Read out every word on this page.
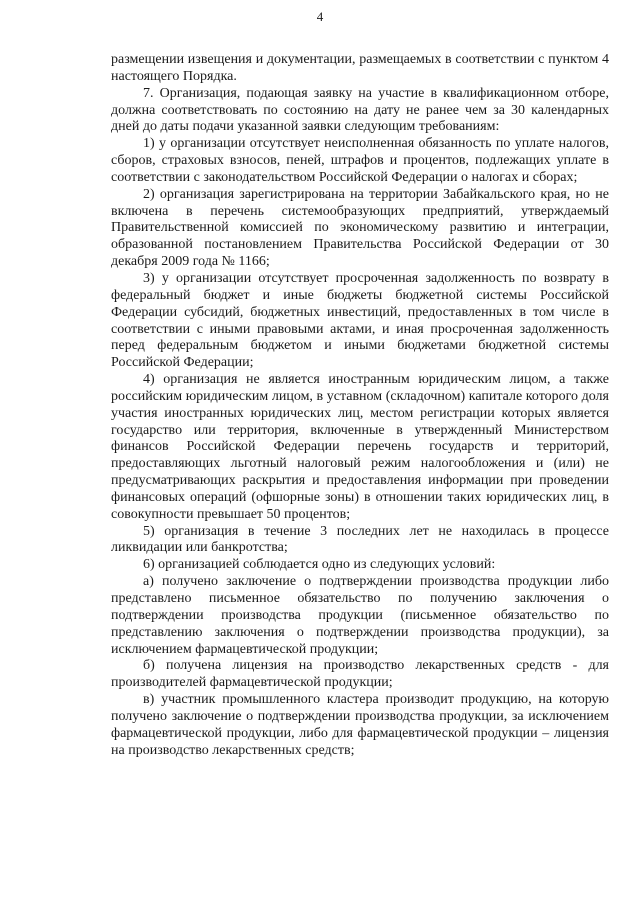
4

размещении извещения и документации, размещаемых в соответствии с пунктом 4 настоящего Порядка.

7. Организация, подающая заявку на участие в квалификационном отборе, должна соответствовать по состоянию на дату не ранее чем за 30 календарных дней до даты подачи указанной заявки следующим требованиям:

1) у организации отсутствует неисполненная обязанность по уплате налогов, сборов, страховых взносов, пеней, штрафов и процентов, подлежащих уплате в соответствии с законодательством Российской Федерации о налогах и сборах;

2) организация зарегистрирована на территории Забайкальского края, но не включена в перечень системообразующих предприятий, утверждаемый Правительственной комиссией по экономическому развитию и интеграции, образованной постановлением Правительства Российской Федерации от 30 декабря 2009 года № 1166;

3) у организации отсутствует просроченная задолженность по возврату в федеральный бюджет и иные бюджеты бюджетной системы Российской Федерации субсидий, бюджетных инвестиций, предоставленных в том числе в соответствии с иными правовыми актами, и иная просроченная задолженность перед федеральным бюджетом и иными бюджетами бюджетной системы Российской Федерации;

4) организация не является иностранным юридическим лицом, а также российским юридическим лицом, в уставном (складочном) капитале которого доля участия иностранных юридических лиц, местом регистрации которых является государство или территория, включенные в утвержденный Министерством финансов Российской Федерации перечень государств и территорий, предоставляющих льготный налоговый режим налогообложения и (или) не предусматривающих раскрытия и предоставления информации при проведении финансовых операций (офшорные зоны) в отношении таких юридических лиц, в совокупности превышает 50 процентов;

5) организация в течение 3 последних лет не находилась в процессе ликвидации или банкротства;

6) организацией соблюдается одно из следующих условий:

а) получено заключение о подтверждении производства продукции либо представлено письменное обязательство по получению заключения о подтверждении производства продукции (письменное обязательство по представлению заключения о подтверждении производства продукции), за исключением фармацевтической продукции;

б) получена лицензия на производство лекарственных средств - для производителей фармацевтической продукции;

в) участник промышленного кластера производит продукцию, на которую получено заключение о подтверждении производства продукции, за исключением фармацевтической продукции, либо для фармацевтической продукции – лицензия на производство лекарственных средств;
